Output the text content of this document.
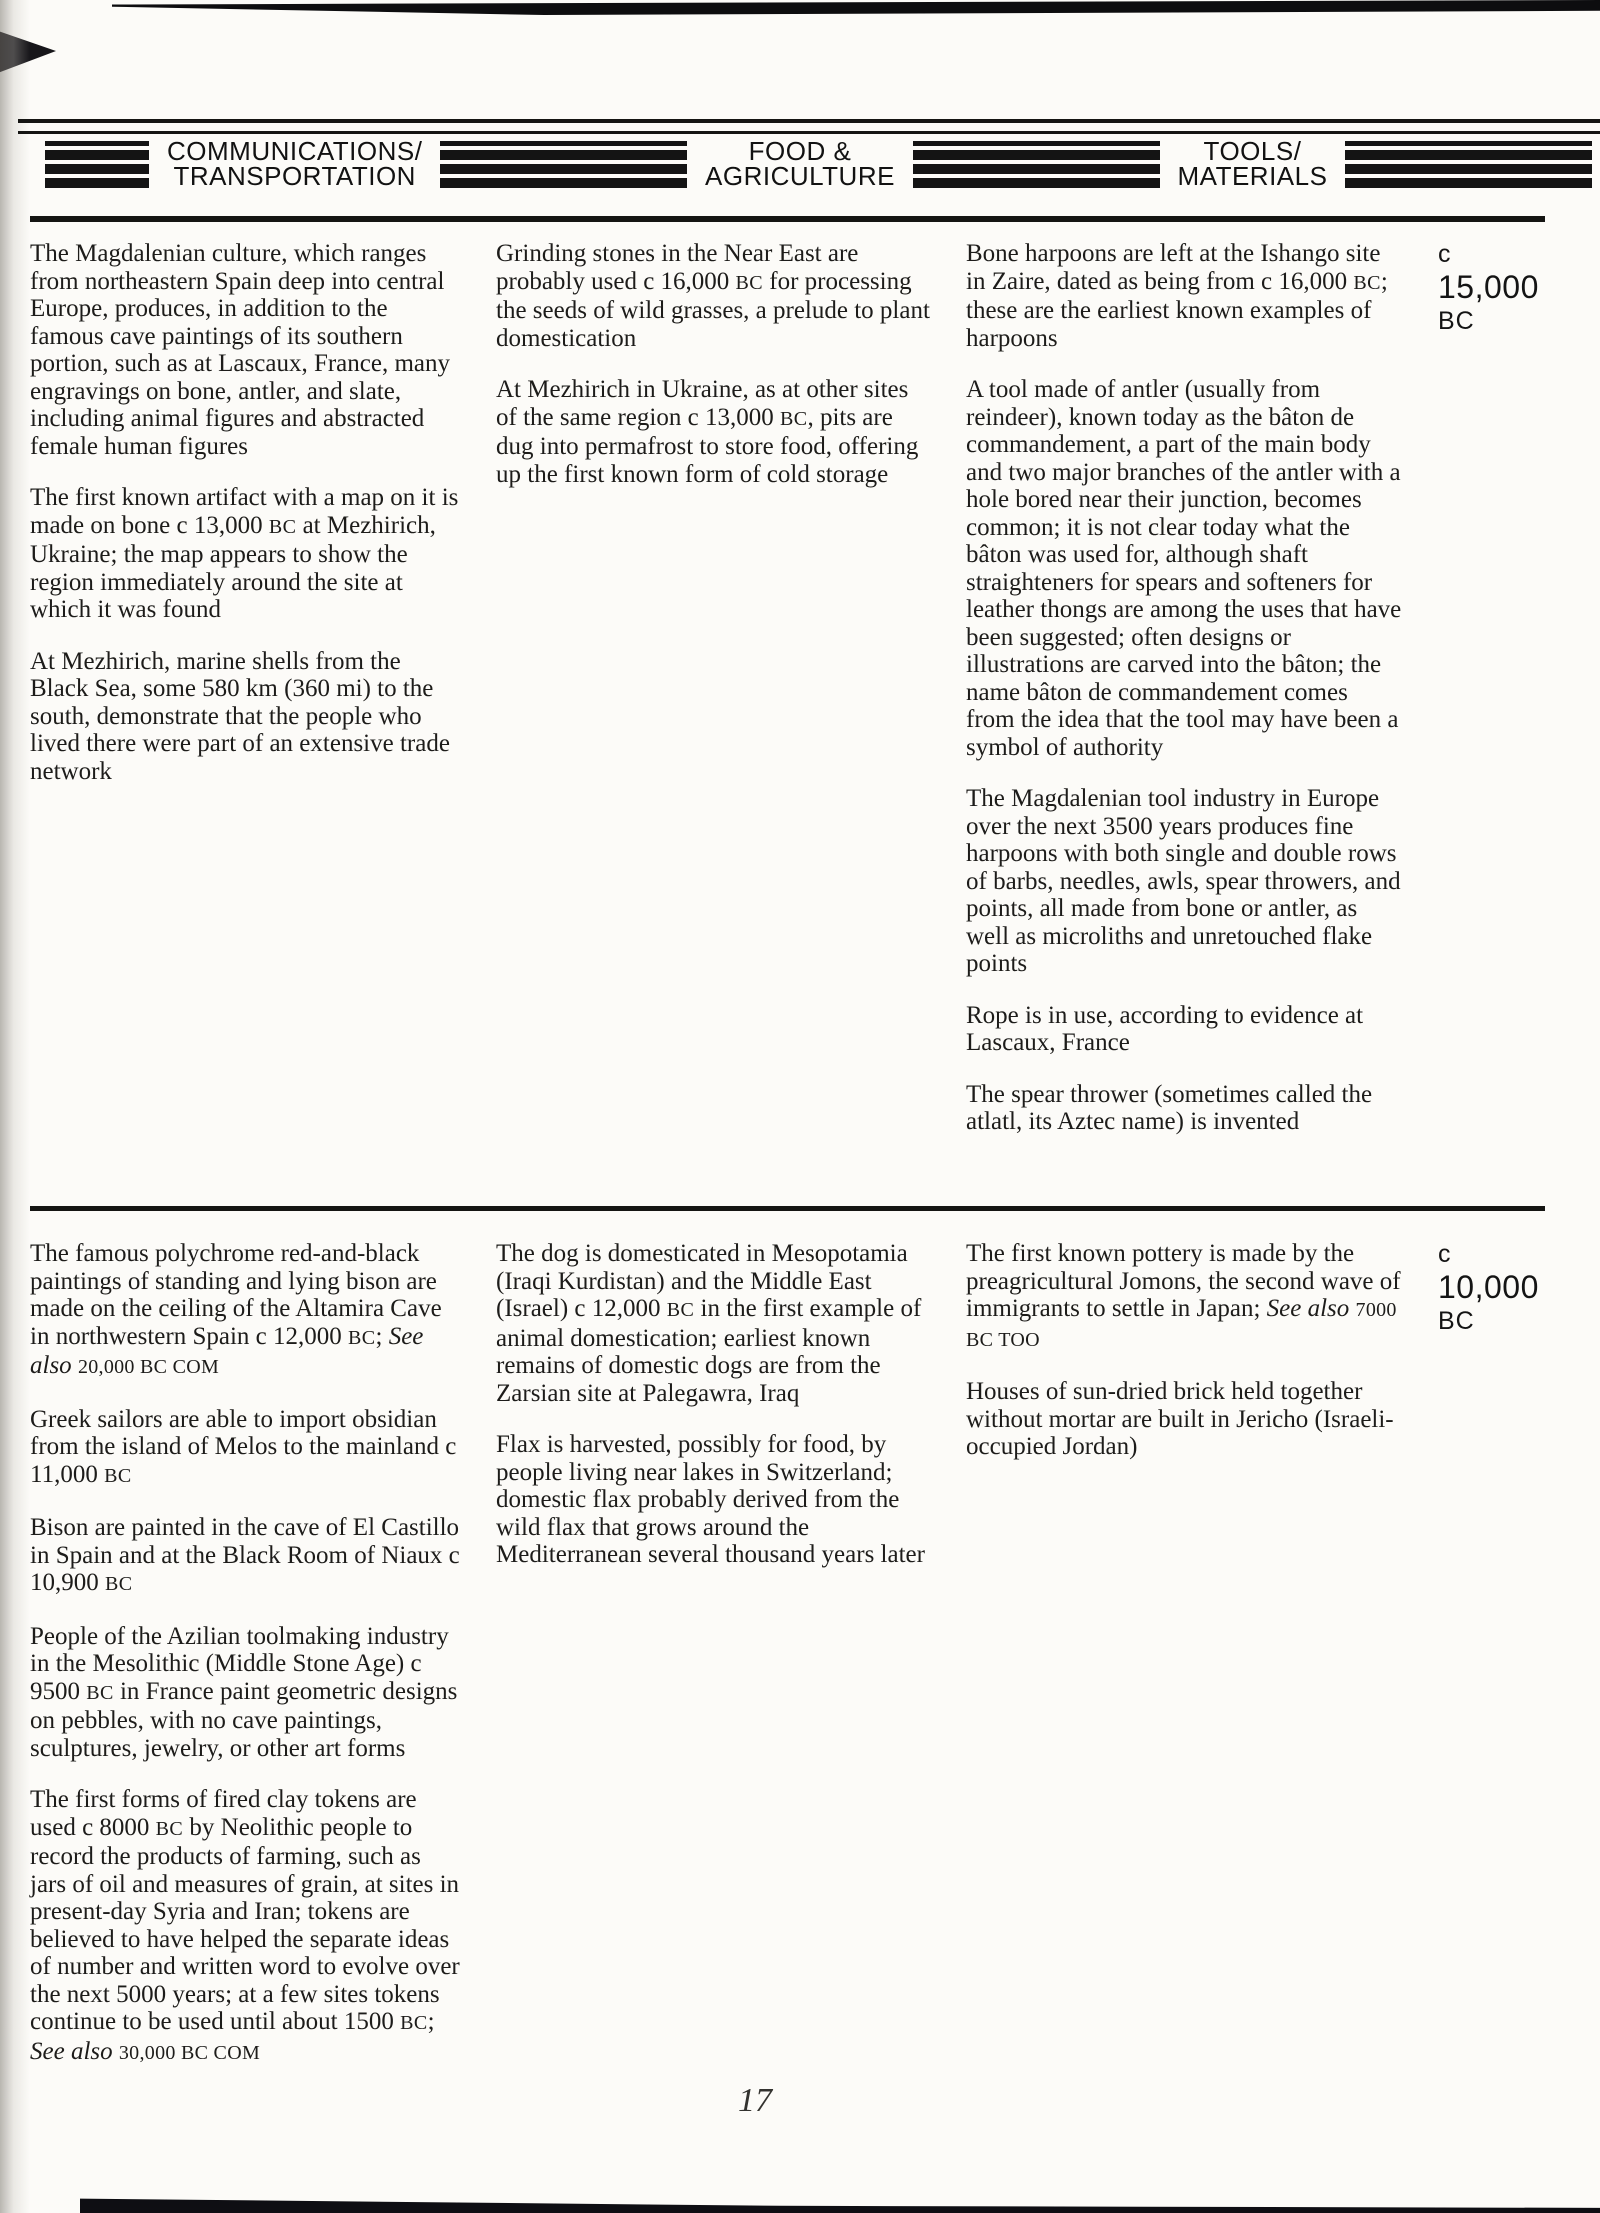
COMMUNICATIONS/
TRANSPORTATION
FOOD &
AGRICULTURE
TOOLS/
MATERIALS

The Magdalenian culture, which ranges from northeastern Spain deep into central Europe, produces, in addition to the famous cave paintings of its southern portion, such as at Lascaux, France, many engravings on bone, antler, and slate, including animal figures and abstracted female human figures

The first known artifact with a map on it is made on bone c 13,000 BC at Mezhirich, Ukraine; the map appears to show the region immediately around the site at which it was found

At Mezhirich, marine shells from the Black Sea, some 580 km (360 mi) to the south, demonstrate that the people who lived there were part of an extensive trade network

Grinding stones in the Near East are probably used c 16,000 BC for processing the seeds of wild grasses, a prelude to plant domestication

At Mezhirich in Ukraine, as at other sites of the same region c 13,000 BC, pits are dug into permafrost to store food, offering up the first known form of cold storage

Bone harpoons are left at the Ishango site in Zaire, dated as being from c 16,000 BC; these are the earliest known examples of harpoons

A tool made of antler (usually from reindeer), known today as the bâton de commandement, a part of the main body and two major branches of the antler with a hole bored near their junction, becomes common; it is not clear today what the bâton was used for, although shaft straighteners for spears and softeners for leather thongs are among the uses that have been suggested; often designs or illustrations are carved into the bâton; the name bâton de commandement comes from the idea that the tool may have been a symbol of authority

The Magdalenian tool industry in Europe over the next 3500 years produces fine harpoons with both single and double rows of barbs, needles, awls, spear throwers, and points, all made from bone or antler, as well as microliths and unretouched flake points

Rope is in use, according to evidence at Lascaux, France

The spear thrower (sometimes called the atlatl, its Aztec name) is invented

c
15,000
BC

The famous polychrome red-and-black paintings of standing and lying bison are made on the ceiling of the Altamira Cave in northwestern Spain c 12,000 BC; See also 20,000 BC COM

Greek sailors are able to import obsidian from the island of Melos to the mainland c 11,000 BC

Bison are painted in the cave of El Castillo in Spain and at the Black Room of Niaux c 10,900 BC

People of the Azilian toolmaking industry in the Mesolithic (Middle Stone Age) c 9500 BC in France paint geometric designs on pebbles, with no cave paintings, sculptures, jewelry, or other art forms

The first forms of fired clay tokens are used c 8000 BC by Neolithic people to record the products of farming, such as jars of oil and measures of grain, at sites in present-day Syria and Iran; tokens are believed to have helped the separate ideas of number and written word to evolve over the next 5000 years; at a few sites tokens continue to be used until about 1500 BC; See also 30,000 BC COM

The dog is domesticated in Mesopotamia (Iraqi Kurdistan) and the Middle East (Israel) c 12,000 BC in the first example of animal domestication; earliest known remains of domestic dogs are from the Zarsian site at Palegawra, Iraq

Flax is harvested, possibly for food, by people living near lakes in Switzerland; domestic flax probably derived from the wild flax that grows around the Mediterranean several thousand years later

The first known pottery is made by the preagricultural Jomons, the second wave of immigrants to settle in Japan; See also 7000 BC TOO

Houses of sun-dried brick held together without mortar are built in Jericho (Israeli-occupied Jordan)

c
10,000
BC
17
